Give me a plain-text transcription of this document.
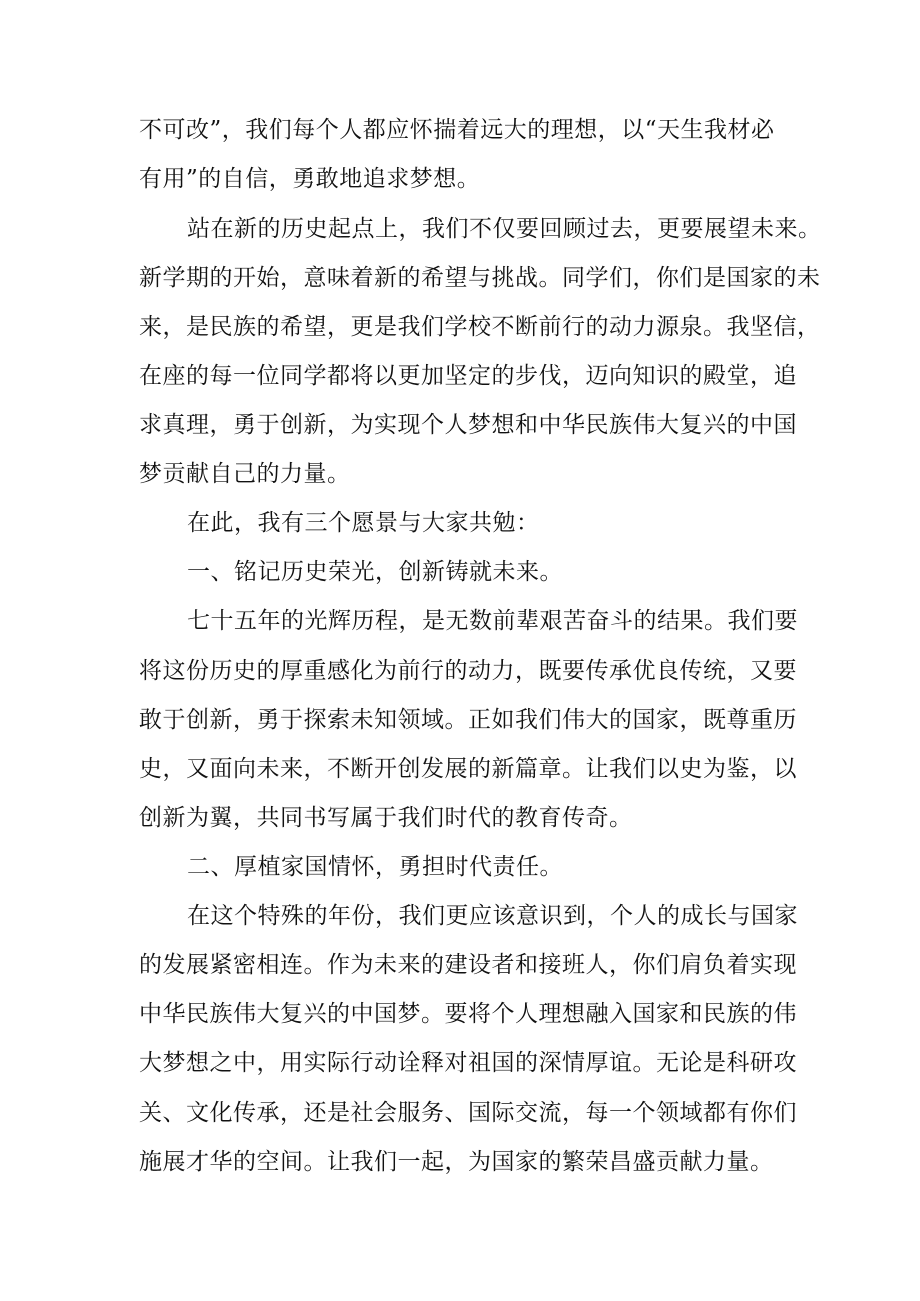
不可改”，我们每个人都应怀揣着远大的理想，以“天生我材必
有用”的自信，勇敢地追求梦想。
站在新的历史起点上，我们不仅要回顾过去，更要展望未来。
新学期的开始，意味着新的希望与挑战。同学们，你们是国家的未
来，是民族的希望，更是我们学校不断前行的动力源泉。我坚信，
在座的每一位同学都将以更加坚定的步伐，迈向知识的殿堂，追
求真理，勇于创新，为实现个人梦想和中华民族伟大复兴的中国
梦贡献自己的力量。
在此，我有三个愿景与大家共勉：
一、铭记历史荣光，创新铸就未来。
七十五年的光辉历程，是无数前辈艰苦奋斗的结果。我们要
将这份历史的厚重感化为前行的动力，既要传承优良传统，又要
敢于创新，勇于探索未知领域。正如我们伟大的国家，既尊重历
史，又面向未来，不断开创发展的新篇章。让我们以史为鉴，以
创新为翼，共同书写属于我们时代的教育传奇。
二、厚植家国情怀，勇担时代责任。
在这个特殊的年份，我们更应该意识到，个人的成长与国家
的发展紧密相连。作为未来的建设者和接班人，你们肩负着实现
中华民族伟大复兴的中国梦。要将个人理想融入国家和民族的伟
大梦想之中，用实际行动诠释对祖国的深情厚谊。无论是科研攻
关、文化传承，还是社会服务、国际交流，每一个领域都有你们
施展才华的空间。让我们一起，为国家的繁荣昌盛贡献力量。
